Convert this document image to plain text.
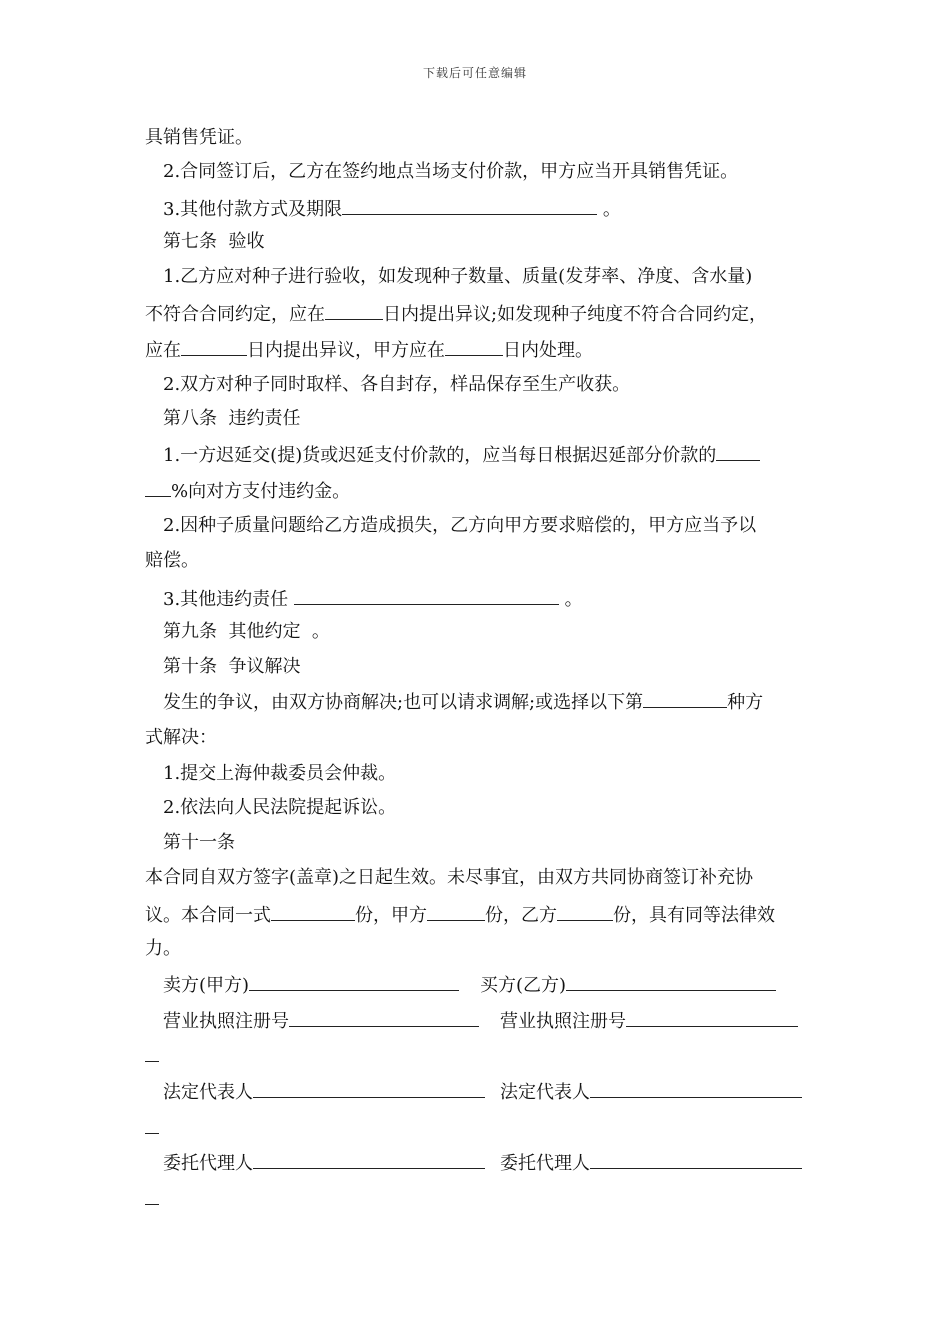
下载后可任意编辑
具销售凭证。
2.合同签订后，乙方在签约地点当场支付价款，甲方应当开具销售凭证。
3.其他付款方式及期限	。
第七条  验收
1.乙方应对种子进行验收，如发现种子数量、质量(发芽率、净度、含水量)
不符合合同约定，应在	日内提出异议;如发现种子纯度不符合合同约定，
应在	日内提出异议，甲方应在	日内处理。
2.双方对种子同时取样、各自封存，样品保存至生产收获。
第八条  违约责任
1.一方迟延交(提)货或迟延支付价款的，应当每日根据迟延部分价款的
%向对方支付违约金。
2.因种子质量问题给乙方造成损失，乙方向甲方要求赔偿的，甲方应当予以
赔偿。
3.其他违约责任	。
第九条  其他约定  。
第十条  争议解决
发生的争议，由双方协商解决;也可以请求调解;或选择以下第	种方
式解决：
1.提交上海仲裁委员会仲裁。
2.依法向人民法院提起诉讼。
第十一条
本合同自双方签字(盖章)之日起生效。未尽事宜，由双方共同协商签订补充协
议。本合同一式	份，甲方	份，乙方	份，具有同等法律效
力。
卖方(甲方)	买方(乙方)
营业执照注册号	营业执照注册号
法定代表人	法定代表人
委托代理人	委托代理人
